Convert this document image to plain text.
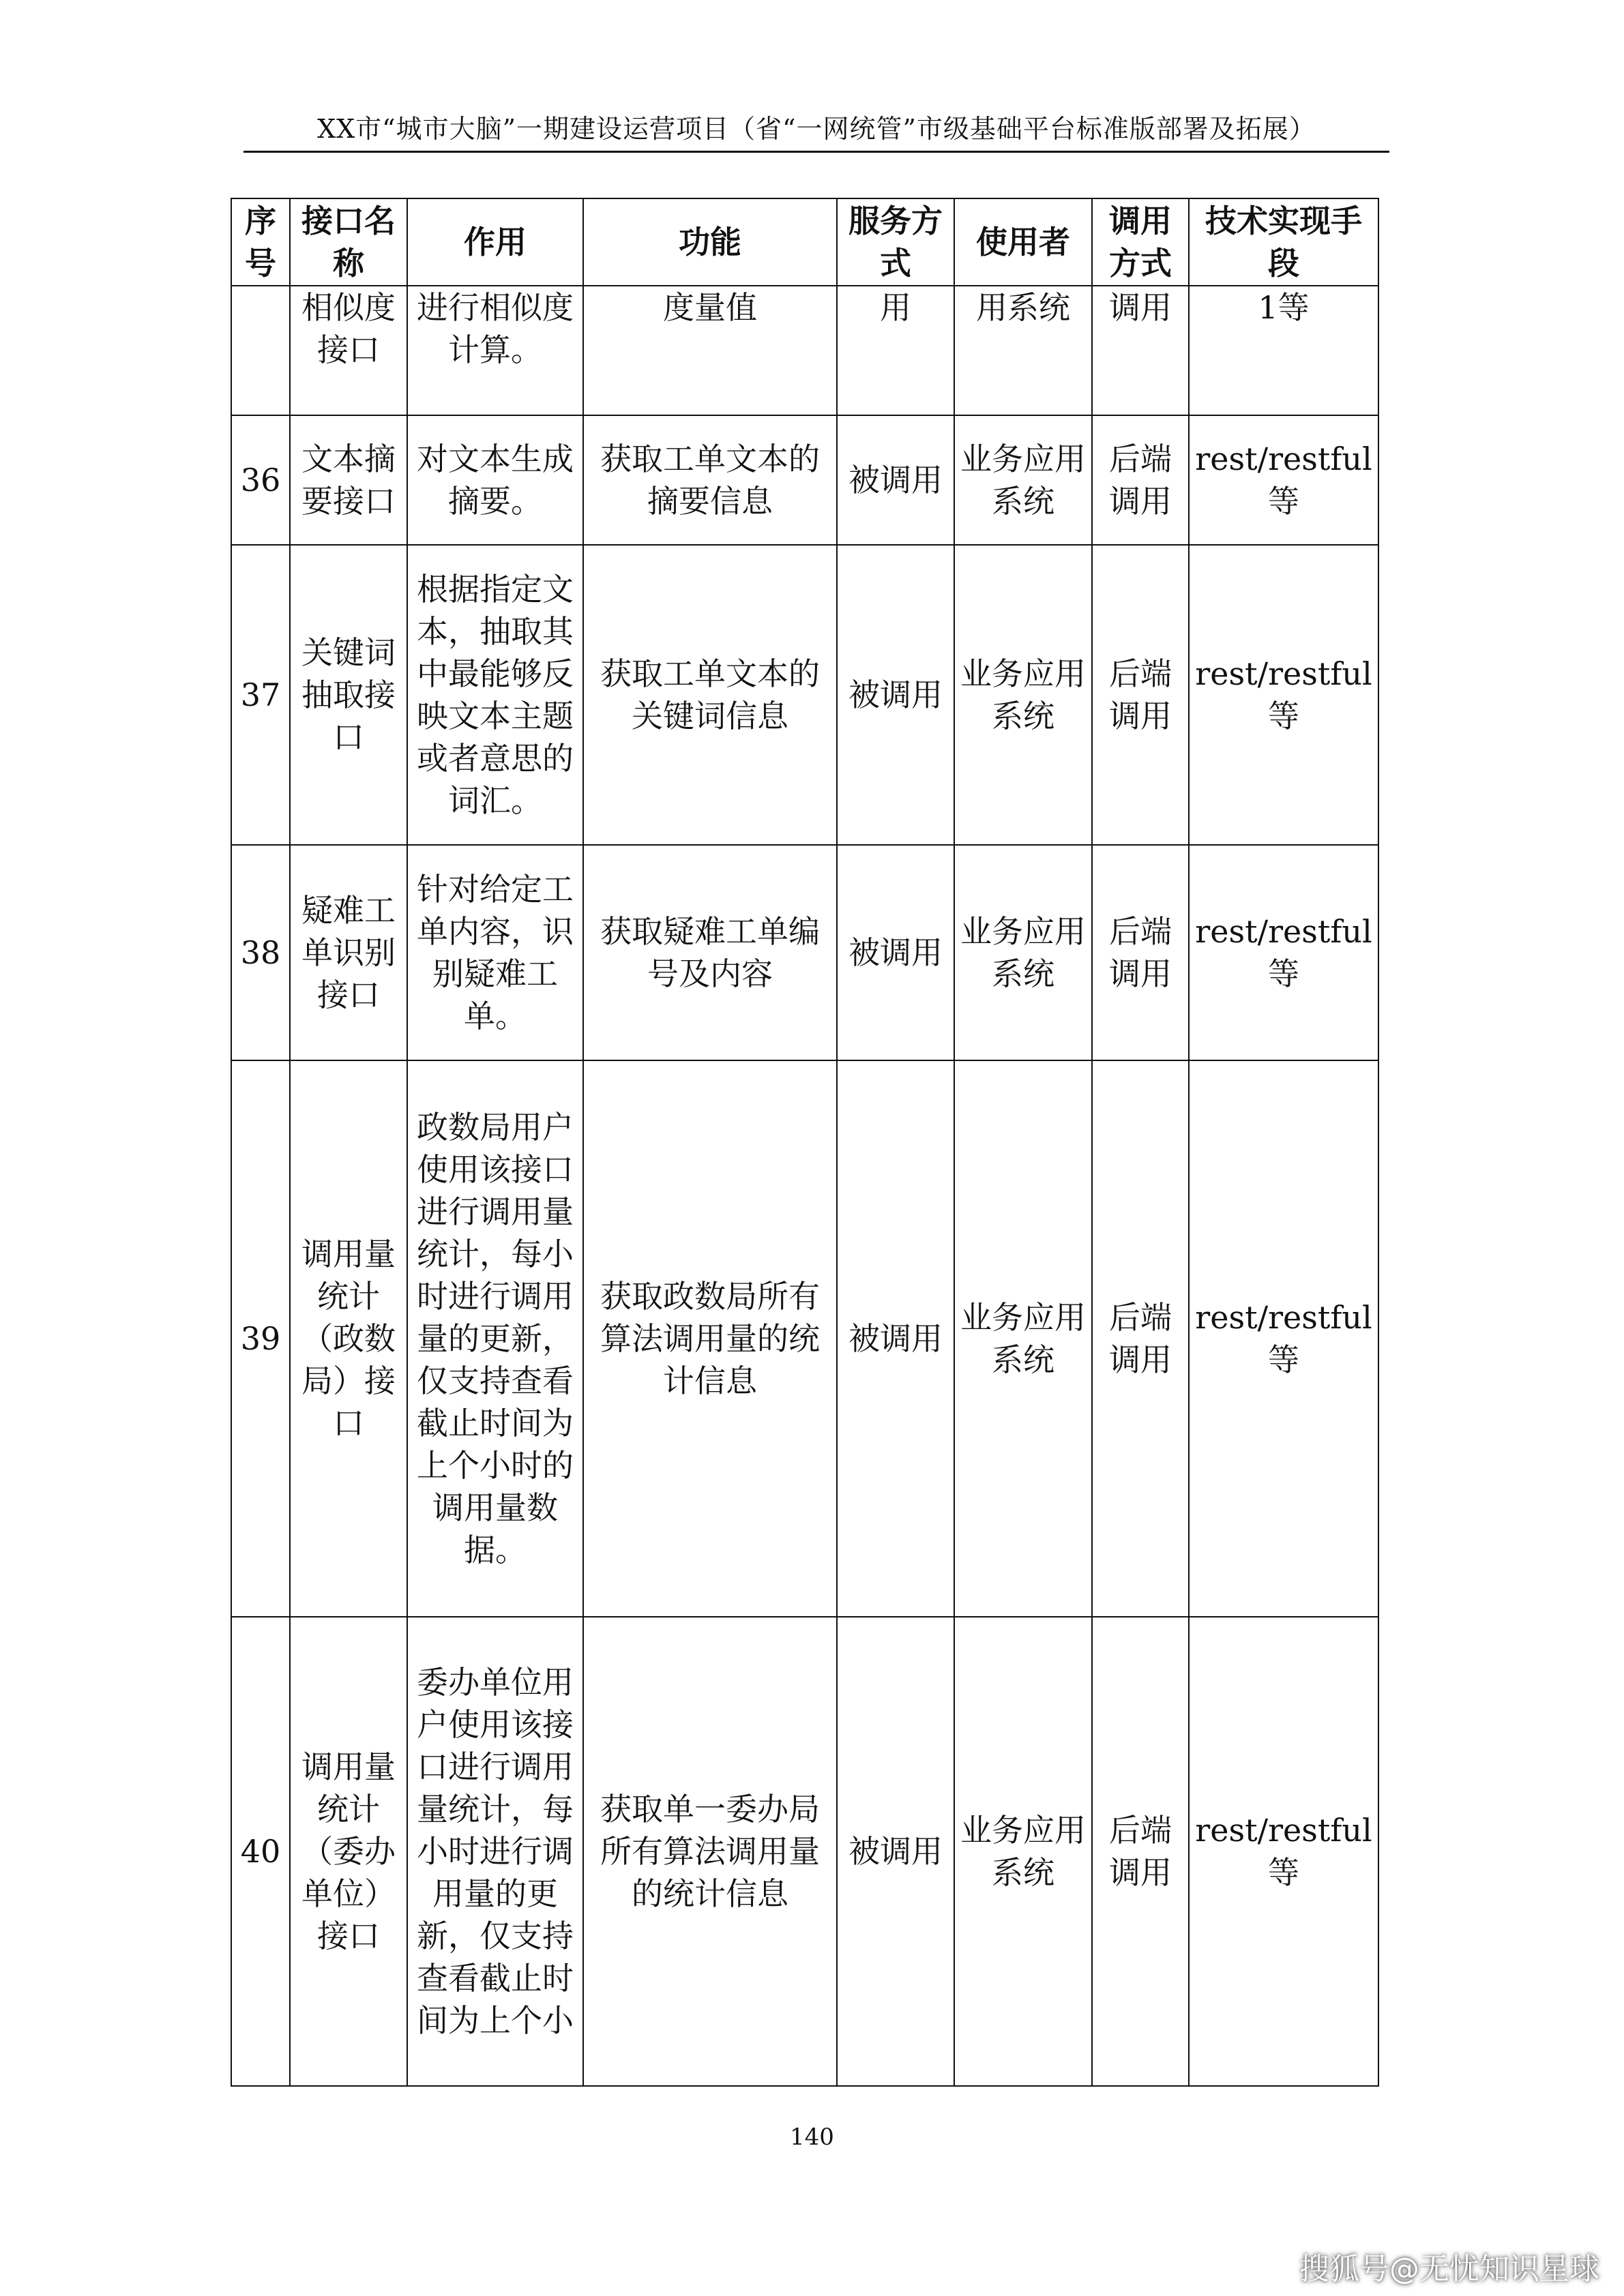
XX市“城市大脑”一期建设运营项目（省“一网统管”市级基础平台标准版部署及拓展）
序号	接口名称	作用	功能	服务方式	使用者	调用方式	技术实现手段
	相似度接口	进行相似度计算。	度量值	用	用系统	调用	1等
36	文本摘要接口	对文本生成摘要。	获取工单文本的摘要信息	被调用	业务应用系统	后端调用	rest/restful等
37	关键词抽取接口	根据指定文本，抽取其中最能够反映文本主题或者意思的词汇。	获取工单文本的关键词信息	被调用	业务应用系统	后端调用	rest/restful等
38	疑难工单识别接口	针对给定工单内容，识别疑难工单。	获取疑难工单编号及内容	被调用	业务应用系统	后端调用	rest/restful等
39	调用量统计（政数局）接口	政数局用户使用该接口进行调用量统计，每小时进行调用量的更新，仅支持查看截止时间为上个小时的调用量数据。	获取政数局所有算法调用量的统计信息	被调用	业务应用系统	后端调用	rest/restful等
40	调用量统计（委办单位）接口	委办单位用户使用该接口进行调用量统计，每小时进行调用量的更新，仅支持查看截止时间为上个小	获取单一委办局所有算法调用量的统计信息	被调用	业务应用系统	后端调用	rest/restful等
140
搜狐号@无忧知识星球
